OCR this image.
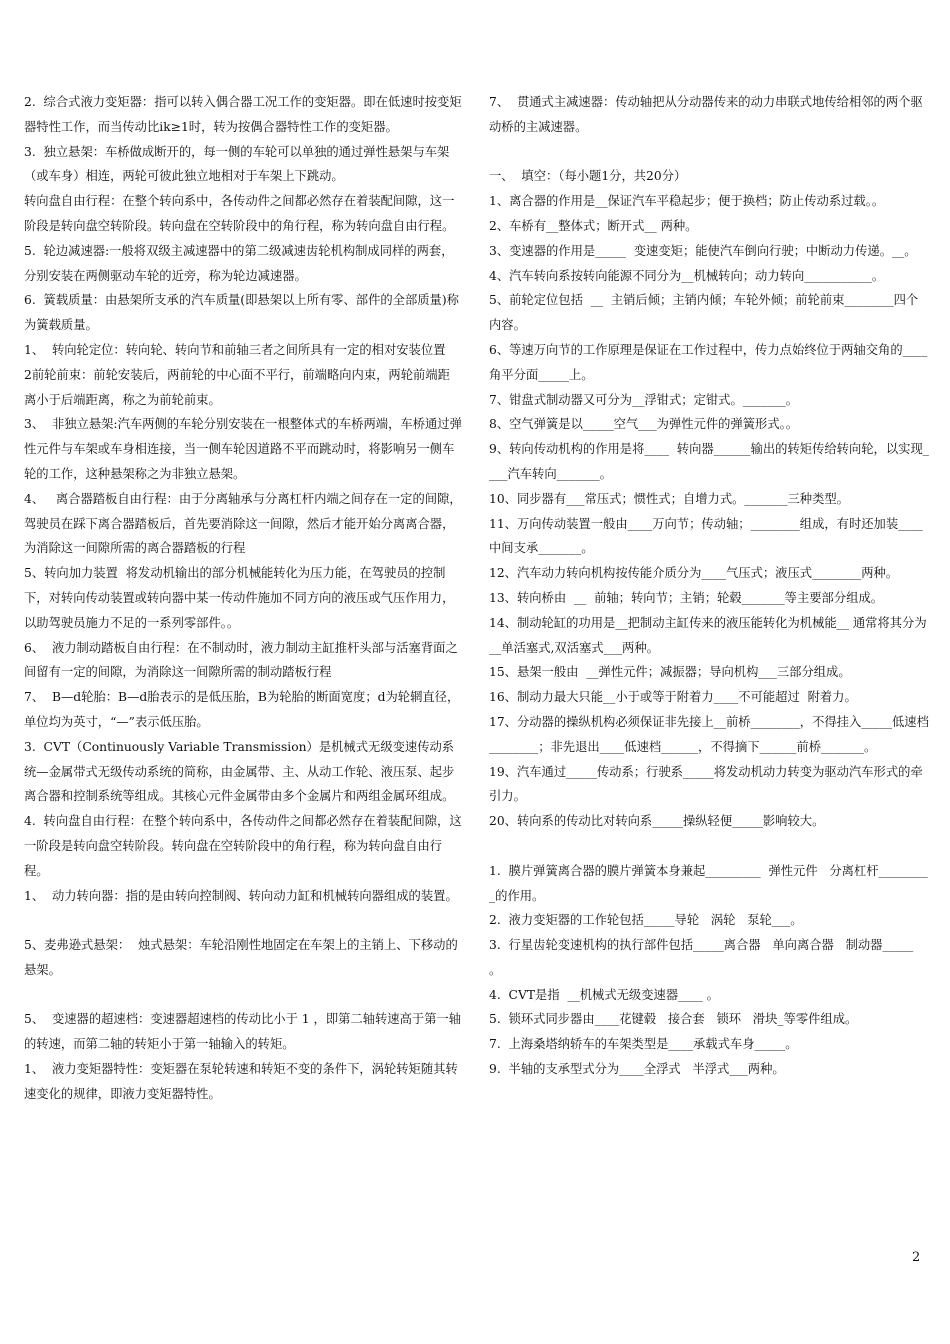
2.  综合式液力变矩器：指可以转入偶合器工况工作的变矩器。即在低速时按变矩器特性工作，而当传动比ik≥1时，转为按偶合器特性工作的变矩器。

3.  独立悬架：车桥做成断开的，每一侧的车轮可以单独的通过弹性悬架与车架（或车身）相连，两轮可彼此独立地相对于车架上下跳动。

转向盘自由行程：在整个转向系中，各传动件之间都必然存在着装配间隙，这一阶段是转向盘空转阶段。转向盘在空转阶段中的角行程，称为转向盘自由行程。

5.  轮边减速器:一般将双级主减速器中的第二级减速齿轮机构制成同样的两套，分别安装在两侧驱动车轮的近旁，称为轮边减速器。

6.  簧载质量：由悬架所支承的汽车质量(即悬架以上所有零、部件的全部质量)称为簧载质量。

1、  转向轮定位：转向轮、转向节和前轴三者之间所具有一定的相对安装位置

2前轮前束：前轮安装后，两前轮的中心面不平行，前端略向内束，两轮前端距离小于后端距离，称之为前轮前束。

3、  非独立悬架:汽车两侧的车轮分别安装在一根整体式的车桥两端，车桥通过弹性元件与车架或车身相连接，当一侧车轮因道路不平而跳动时，将影响另一侧车轮的工作，这种悬架称之为非独立悬架。

4、   离合器踏板自由行程：由于分离轴承与分离杠杆内端之间存在一定的间隙，驾驶员在踩下离合器踏板后，首先要消除这一间隙，然后才能开始分离离合器，为消除这一间隙所需的离合器踏板的行程

5、转向加力装置  将发动机输出的部分机械能转化为压力能，在驾驶员的控制下，对转向传动装置或转向器中某一传动件施加不同方向的液压或气压作用力，以助驾驶员施力不足的一系列零部件。。

6、  液力制动踏板自由行程：在不制动时，液力制动主缸推杆头部与活塞背面之间留有一定的间隙，为消除这一间隙所需的制动踏板行程

7、  B—d轮胎：B—d胎表示的是低压胎，B为轮胎的断面宽度；d为轮辋直径，单位均为英寸，“—”表示低压胎。

3.  CVT（Continuously Variable Transmission）是机械式无级变速传动系统—金属带式无级传动系统的简称，由金属带、主、从动工作轮、液压泵、起步离合器和控制系统等组成。其核心元件金属带由多个金属片和两组金属环组成。

4.  转向盘自由行程：在整个转向系中，各传动件之间都必然存在着装配间隙，这一阶段是转向盘空转阶段。转向盘在空转阶段中的角行程，称为转向盘自由行程。

1、  动力转向器：指的是由转向控制阀、转向动力缸和机械转向器组成的装置。

5、麦弗逊式悬架：  烛式悬架：车轮沿刚性地固定在车架上的主销上、下移动的悬架。

5、  变速器的超速档：变速器超速档的传动比小于 1 ，即第二轴转速高于第一轴的转速，而第二轴的转矩小于第一轴输入的转矩。

1、  液力变矩器特性：变矩器在泵轮转速和转矩不变的条件下，涡轮转矩随其转速变化的规律，即液力变矩器特性。

7、  贯通式主减速器：传动轴把从分动器传来的动力串联式地传给相邻的两个驱动桥的主减速器。

一、  填空：（每小题1分，共20分）

1、离合器的作用是__保证汽车平稳起步；便于换档；防止传动系过载。。

2、车桥有__整体式；断开式__ 两种。

3、变速器的作用是_____  变速变矩；能使汽车倒向行驶；中断动力传递。__。

4、汽车转向系按转向能源不同分为__机械转向；动力转向___________。

5、前轮定位包括  __  主销后倾；主销内倾；车轮外倾；前轮前束________四个内容。

6、等速万向节的工作原理是保证在工作过程中，传力点始终位于两轴交角的____角平分面_____上。

7、钳盘式制动器又可分为__浮钳式；定钳式。_______。

8、空气弹簧是以_____空气___为弹性元件的弹簧形式。。

9、转向传动机构的作用是将____  转向器______输出的转矩传给转向轮，以实现____汽车转向_______。

10、同步器有___常压式；惯性式；自增力式。_______三种类型。

11、万向传动装置一般由____万向节；传动轴；________组成，有时还加装____中间支承_______。

12、汽车动力转向机构按传能介质分为____气压式；液压式________两种。

13、转向桥由  __  前轴；转向节；主销；轮毂_______等主要部分组成。

14、制动轮缸的功用是__把制动主缸传来的液压能转化为机械能__ 通常将其分为__单活塞式,双活塞式___两种。

15、悬架一般由  __弹性元件；减振器；导向机构___三部分组成。

16、制动力最大只能__小于或等于附着力____不可能超过  附着力。

17、分动器的操纵机构必须保证非先接上__前桥________，不得挂入_____低速档________；非先退出____低速档______，不得摘下______前桥_______。

19、汽车通过_____传动系；行驶系_____将发动机动力转变为驱动汽车形式的牵引力。

20、转向系的传动比对转向系_____操纵轻便_____影响较大。

1.  膜片弹簧离合器的膜片弹簧本身兼起_________  弹性元件   分离杠杆_________的作用。

2.  液力变矩器的工作轮包括_____导轮   涡轮   泵轮___。

3.  行星齿轮变速机构的执行部件包括_____离合器   单向离合器   制动器_____ 。

4.  CVT是指  __机械式无级变速器____ 。

5.  锁环式同步器由____花键毂   接合套   锁环   滑块_等零件组成。

7.  上海桑塔纳轿车的车架类型是____承载式车身_____。

9.  半轴的支承型式分为____全浮式   半浮式___两种。

2
